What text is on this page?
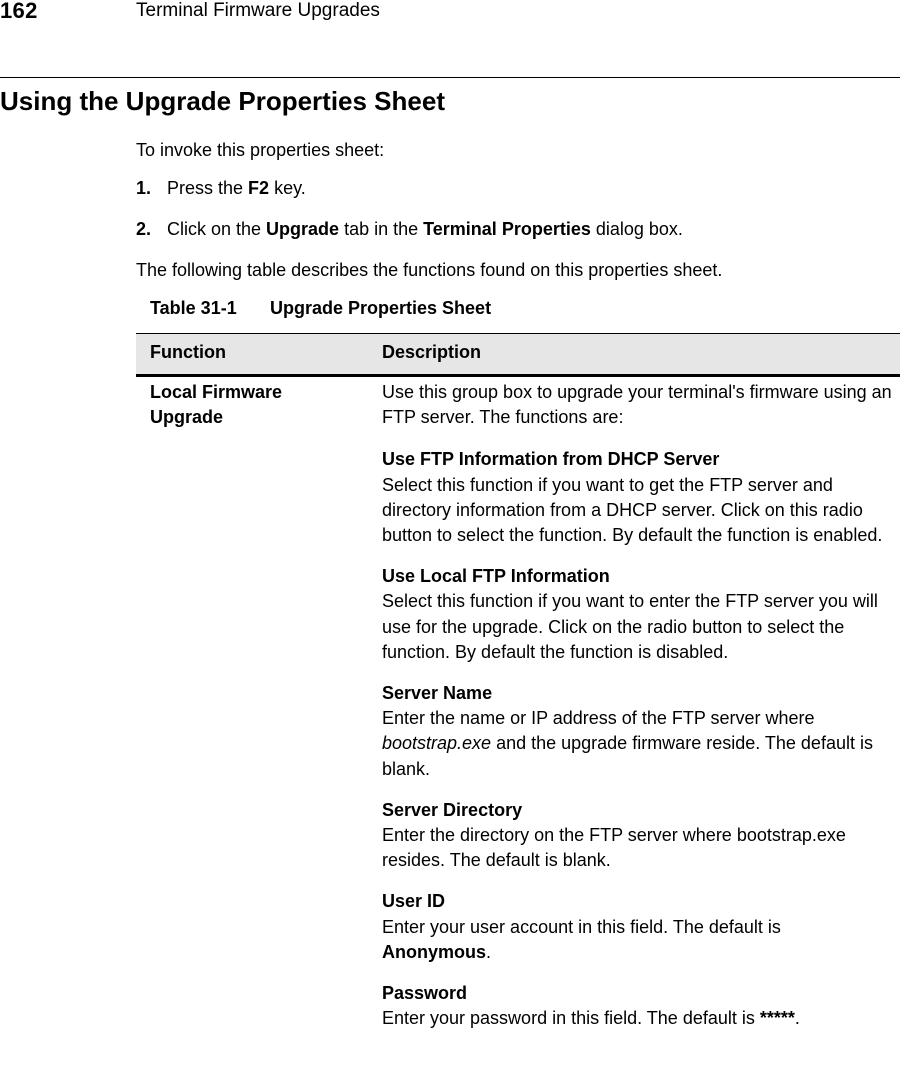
162	Terminal Firmware Upgrades
Using the Upgrade Properties Sheet

To invoke this properties sheet:

1. Press the F2 key.

2. Click on the Upgrade tab in the Terminal Properties dialog box.

The following table describes the functions found on this properties sheet.

Table 31-1 Upgrade Properties Sheet
Function	Description
Local Firmware
Upgrade

Use this group box to upgrade your terminal's firmware using an FTP server. The functions are:

Use FTP Information from DHCP Server
Select this function if you want to get the FTP server and directory information from a DHCP server. Click on this radio button to select the function. By default the function is enabled.

Use Local FTP Information
Select this function if you want to enter the FTP server you will use for the upgrade. Click on the radio button to select the function. By default the function is disabled.

Server Name
Enter the name or IP address of the FTP server where bootstrap.exe and the upgrade firmware reside. The default is blank.

Server Directory
Enter the directory on the FTP server where bootstrap.exe resides. The default is blank.

User ID
Enter your user account in this field. The default is Anonymous.

Password
Enter your password in this field. The default is *****.
